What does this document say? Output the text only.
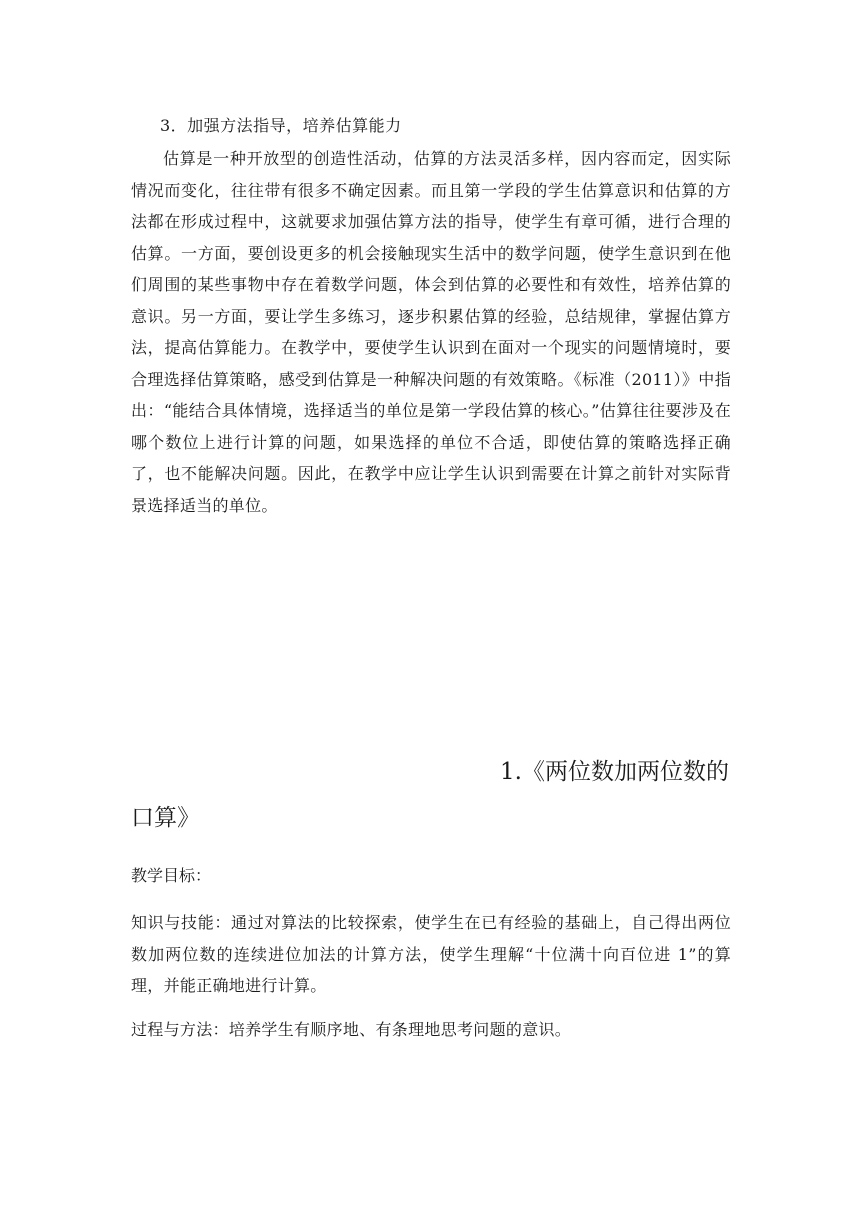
3．加强方法指导，培养估算能力

估算是一种开放型的创造性活动，估算的方法灵活多样，因内容而定，因实际情况而变化，往往带有很多不确定因素。而且第一学段的学生估算意识和估算的方法都在形成过程中，这就要求加强估算方法的指导，使学生有章可循，进行合理的估算。一方面，要创设更多的机会接触现实生活中的数学问题，使学生意识到在他们周围的某些事物中存在着数学问题，体会到估算的必要性和有效性，培养估算的意识。另一方面，要让学生多练习，逐步积累估算的经验，总结规律，掌握估算方法，提高估算能力。在教学中，要使学生认识到在面对一个现实的问题情境时，要合理选择估算策略，感受到估算是一种解决问题的有效策略。《标准（2011）》中指出：“能结合具体情境，选择适当的单位是第一学段估算的核心。”估算往往要涉及在哪个数位上进行计算的问题，如果选择的单位不合适，即使估算的策略选择正确了，也不能解决问题。因此，在教学中应让学生认识到需要在计算之前针对实际背景选择适当的单位。

1.《两位数加两位数的

口算》

教学目标：

知识与技能：通过对算法的比较探索，使学生在已有经验的基础上，自己得出两位数加两位数的连续进位加法的计算方法，使学生理解“十位满十向百位进 1”的算理，并能正确地进行计算。

过程与方法：培养学生有顺序地、有条理地思考问题的意识。
